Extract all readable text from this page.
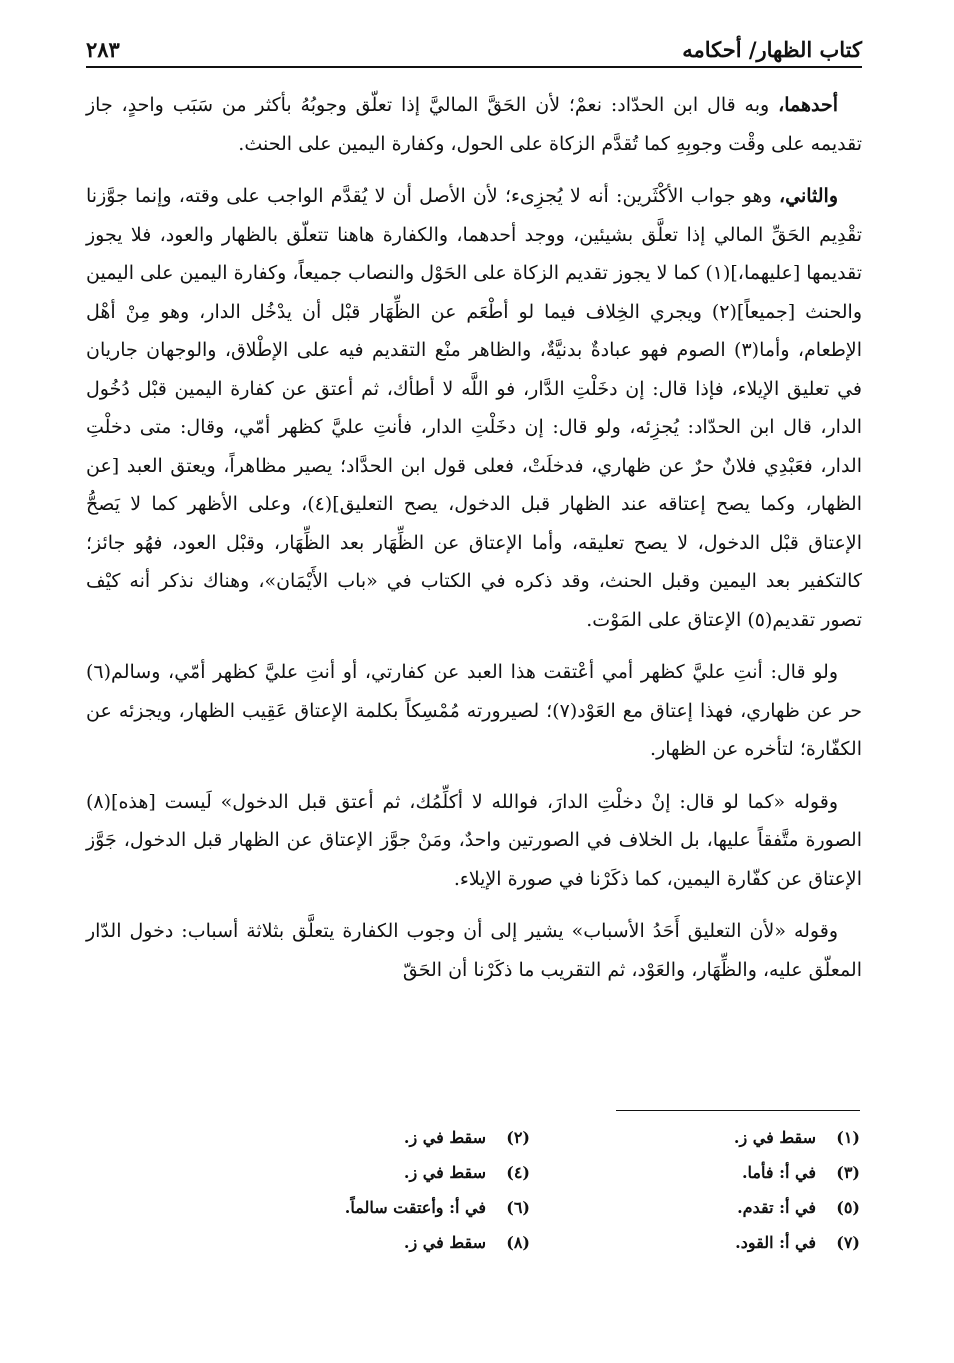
كتاب الظهار/ أحكامه
٢٨٣

أحدهما، وبه قال ابن الحدّاد: نعمْ؛ لأن الحَقَّ الماليَّ إذا تعلّق وجوبُهُ بأكثر من سَبَب واحدٍ، جاز تقديمه على وقْت وجوبِهِ كما تُقدَّم الزكاة على الحول، وكفارة اليمين على الحنث.

والثاني، وهو جواب الأكْثَرين: أنه لا يُجزِىء؛ لأن الأصل أن لا يُقدَّم الواجب على وقته، وإنما جوَّزنا تقْدِيم الحَقِّ المالي إذا تعلَّق بشيئين، ووجد أحدهما، والكفارة هاهنا تتعلّق بالظهار والعود، فلا يجوز تقديمها [عليهما،](١) كما لا يجوز تقديم الزكاة على الحَوْل والنصاب جميعاً، وكفارة اليمين على اليمين والحنث [جميعاً](٢) ويجري الخِلاف فيما لو أطْعَم عن الظِّهَار قبْل أن يدْخُل الدار، وهو مِنْ أهْل الإطعام، وأما(٣) الصوم فهو عبادةٌ بدنيَّةٌ، والظاهر منْع التقديم فيه على الإطْلاق، والوجهان جاريان في تعليق الإيلاء، فإذا قال: إن دخَلْتِ الدَّار، فو اللَّه لا أطأك، ثم أعتق عن كفارة اليمين قبْل دُخُول الدار، قال ابن الحدّاد: يُجزِئه، ولو قال: إن دخَلْتِ الدار، فأنتِ عليَّ كظهر أمّي، وقال: متى دخلْتِ الدار، فعَبْدِي فلانٌ حرٌ عن ظهاري، فدخلَتْ، فعلى قول ابن الحدَّاد؛ يصير مظاهراً، ويعتق العبد [عن الظهار، وكما يصح إعتاقه عند الظهار قبل الدخول، يصح التعليق](٤)، وعلى الأظهر كما لا يَصحُّ الإعتاق قبْل الدخول، لا يصح تعليقه، وأما الإعتاق عن الظِّهَار بعد الظِّهَار، وقبْل العود، فهُو جائز؛ كالتكفير بعد اليمين وقبل الحنث، وقد ذكره في الكتاب في «باب الأَيْمَان»، وهناك نذكر أنه كيْف تصور تقديم(٥) الإعتاق على المَوْت.

ولو قال: أنتِ عليَّ كظهر أمي أعْتقت هذا العبد عن كفارتي، أو أنتِ عليَّ كظهر أمّي، وسالم(٦) حر عن ظهاري، فهذا إعتاق مع العَوْد(٧)؛ لصيرورته مُمْسِكاً بكلمة الإعتاق عَقِيب الظهار، ويجزئه عن الكفّارة؛ لتأخره عن الظهار.

وقوله «كما لو قال: إنْ دخلْتِ الدارَ، فوالله لا أكلِّمُك، ثم أعتق قبل الدخول» لَيست [هذه](٨) الصورة متَّفقاً عليها، بل الخلاف في الصورتين واحدٌ، ومَنْ جوَّز الإعتاق عن الظهار قبل الدخول، جَوَّز الإعتاق عن كفّارة اليمين، كما ذكَرْنا في صورة الإيلاء.

وقوله «لأن التعليق أَحَدُ الأسباب» يشير إلى أن وجوب الكفارة يتعلَّق بثلاثة أسباب: دخول الدّار المعلّق عليه، والظِّهَار، والعَوْد، ثم التقريب ما ذكَرْنا أن الحَقّ

(١)سقط في ز.
(٢)سقط في ز.
(٣)في أ: فأما.
(٤)سقط في ز.
(٥)في أ: تقدم.
(٦)في أ: وأعتقت سالماً.
(٧)في أ: القود.
(٨)سقط في ز.
